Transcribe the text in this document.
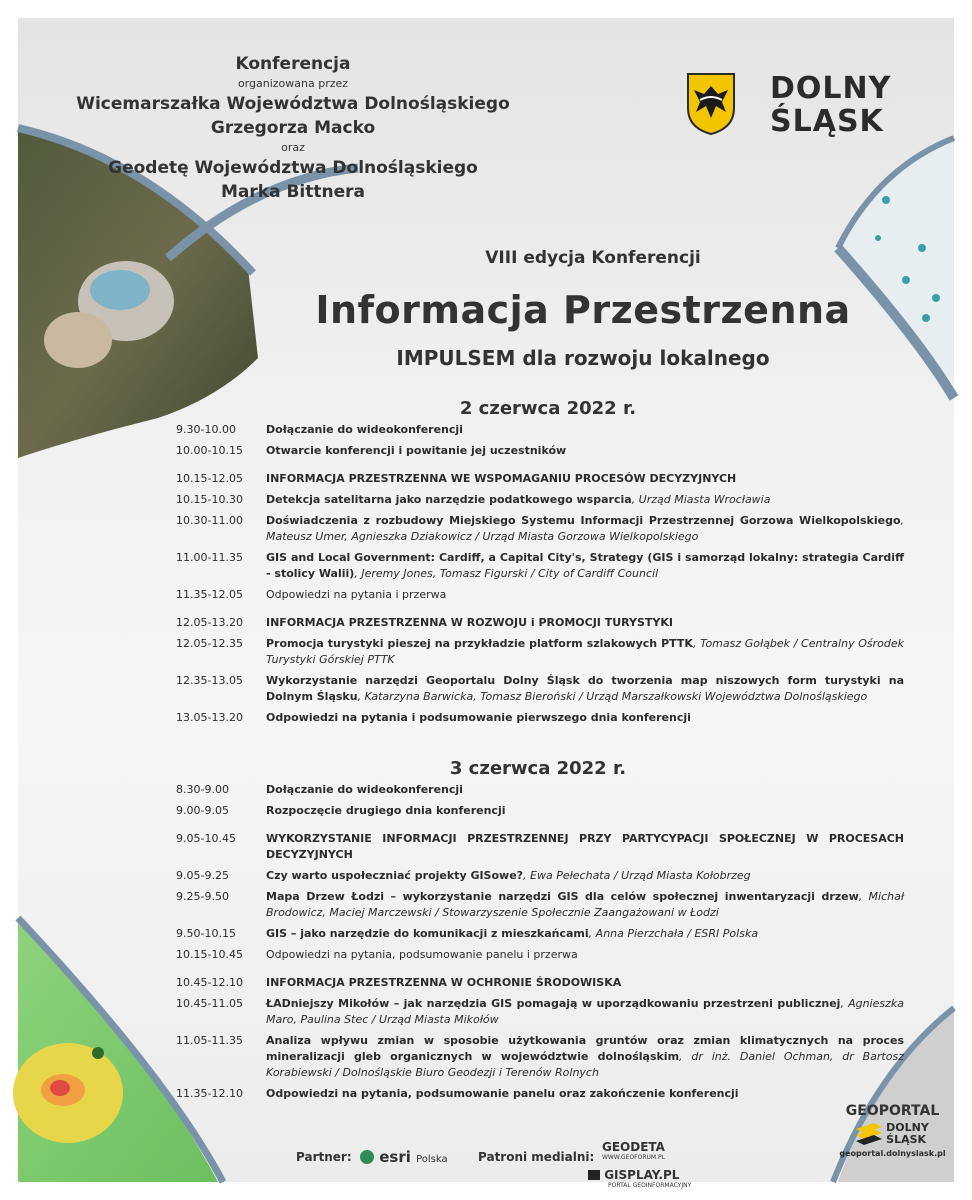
Konferencja
organizowana przez
Wicemarszałka Województwa Dolnośląskiego
Grzegorza Macko
oraz
Geodetę Województwa Dolnośląskiego
Marka Bittnera
DOLNY
ŚLĄSK
VIII edycja Konferencji
Informacja Przestrzenna
IMPULSEM dla rozwoju lokalnego
2 czerwca 2022 r.
9.30-10.00	Dołączanie do wideokonferencji
10.00-10.15	Otwarcie konferencji i powitanie jej uczestników
10.15-12.05	INFORMACJA PRZESTRZENNA WE WSPOMAGANIU PROCESÓW DECYZYJNYCH
10.15-10.30	Detekcja satelitarna jako narzędzie podatkowego wsparcia, Urząd Miasta Wrocławia
10.30-11.00	Doświadczenia z rozbudowy Miejskiego Systemu Informacji Przestrzennej Gorzowa Wielkopolskiego, Mateusz Umer, Agnieszka Dziakowicz / Urząd Miasta Gorzowa Wielkopolskiego
11.00-11.35	GIS and Local Government: Cardiff, a Capital City's, Strategy (GIS i samorząd lokalny: strategia Cardiff - stolicy Walii), Jeremy Jones, Tomasz Figurski / City of Cardiff Council
11.35-12.05	Odpowiedzi na pytania i przerwa
12.05-13.20	INFORMACJA PRZESTRZENNA W ROZWOJU i PROMOCJI TURYSTYKI
12.05-12.35	Promocja turystyki pieszej na przykładzie platform szlakowych PTTK, Tomasz Gołąbek / Centralny Ośrodek Turystyki Górskiej PTTK
12.35-13.05	Wykorzystanie narzędzi Geoportalu Dolny Śląsk do tworzenia map niszowych form turystyki na Dolnym Śląsku, Katarzyna Barwicka, Tomasz Bieroński / Urząd Marszałkowski Województwa Dolnośląskiego
13.05-13.20	Odpowiedzi na pytania i podsumowanie pierwszego dnia konferencji
3 czerwca 2022 r.
8.30-9.00	Dołączanie do wideokonferencji
9.00-9.05	Rozpoczęcie drugiego dnia konferencji
9.05-10.45	WYKORZYSTANIE INFORMACJI PRZESTRZENNEJ PRZY PARTYCYPACJI SPOŁECZNEJ W PROCESACH DECYZYJNYCH
9.05-9.25	Czy warto uspołeczniać projekty GISowe?, Ewa Pełechata / Urząd Miasta Kołobrzeg
9.25-9.50	Mapa Drzew Łodzi – wykorzystanie narzędzi GIS dla celów społecznej inwentaryzacji drzew, Michał Brodowicz, Maciej Marczewski / Stowarzyszenie Społecznie Zaangażowani w Łodzi
9.50-10.15	GIS – jako narzędzie do komunikacji z mieszkańcami, Anna Pierzchała / ESRI Polska
10.15-10.45	Odpowiedzi na pytania, podsumowanie panelu i przerwa
10.45-12.10	INFORMACJA PRZESTRZENNA W OCHRONIE ŚRODOWISKA
10.45-11.05	ŁADniejszy Mikołów – jak narzędzia GIS pomagają w uporządkowaniu przestrzeni publicznej, Agnieszka Maro, Paulina Stec / Urząd Miasta Mikołów
11.05-11.35	Analiza wpływu zmian w sposobie użytkowania gruntów oraz zmian klimatycznych na proces mineralizacji gleb organicznych w województwie dolnośląskim, dr inż. Daniel Ochman, dr Bartosz Korabiewski / Dolnośląskie Biuro Geodezji i Terenów Rolnych
11.35-12.10	Odpowiedzi na pytania, podsumowanie panelu oraz zakończenie konferencji
Partner:	esri Polska	Patroni medialni:
GEODETA
WWW.GEOFORUM.PL
GISPLAY.PL
PORTAL GEOINFORMACYJNY
GEOPORTAL
DOLNY
ŚLĄSK
geoportal.dolnyslask.pl
